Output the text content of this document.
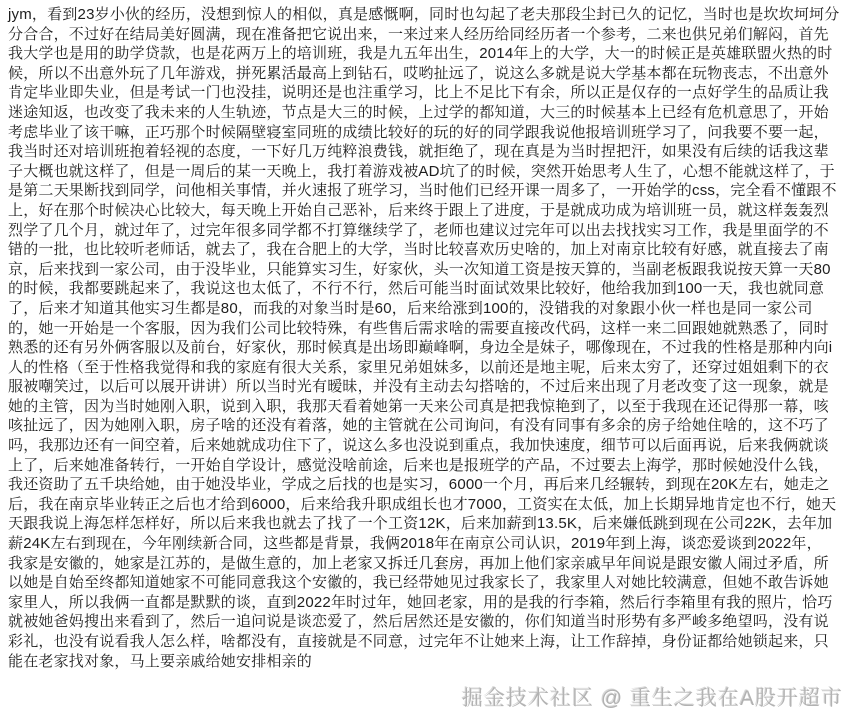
jym，看到23岁小伙的经历，没想到惊人的相似，真是感慨啊，同时也勾起了老夫那段尘封已久的记忆，当时也是坎坎坷坷分
分合合，不过好在结局美好圆满，现在准备把它说出来，一来过来人经历给同经历者一个参考，二来也供兄弟们解闷，首先
我大学也是用的助学贷款，也是花两万上的培训班，我是九五年出生，2014年上的大学，大一的时候正是英雄联盟火热的时
候，所以不出意外玩了几年游戏，拼死累活最高上到钻石，哎哟扯远了，说这么多就是说大学基本都在玩物丧志，不出意外
肯定毕业即失业，但是考试一门也没挂，说明还是也注重学习，比上不足比下有余，所以正是仅存的一点好学生的品质让我
迷途知返，也改变了我未来的人生轨迹，节点是大三的时候，上过学的都知道，大三的时候基本上已经有危机意思了，开始
考虑毕业了该干嘛，正巧那个时候隔壁寝室同班的成绩比较好的玩的好的同学跟我说他报培训班学习了，问我要不要一起，
我当时还对培训班抱着轻视的态度，一下好几万纯粹浪费钱，就拒绝了，现在真是为当时捏把汗，如果没有后续的话我这辈
子大概也就这样了，但是一周后的某一天晚上，我打着游戏被AD坑了的时候，突然开始思考人生了，心想不能就这样了，于
是第二天果断找到同学，问他相关事情，并火速报了班学习，当时他们已经开课一周多了，一开始学的css，完全看不懂跟不
上，好在那个时候决心比较大，每天晚上开始自己恶补，后来终于跟上了进度，于是就成功成为培训班一员，就这样轰轰烈
烈学了几个月，就过年了，过完年很多同学都不打算继续学了，老师也建议过完年可以出去找找实习工作，我是里面学的不
错的一批，也比较听老师话，就去了，我在合肥上的大学，当时比较喜欢历史啥的，加上对南京比较有好感，就直接去了南
京，后来找到一家公司，由于没毕业，只能算实习生，好家伙，头一次知道工资是按天算的，当副老板跟我说按天算一天80
的时候，我都要跳起来了，我说这也太低了，不行不行，然后可能当时面试效果比较好，他给我加到100一天，我也就同意
了，后来才知道其他实习生都是80，而我的对象当时是60，后来给涨到100的，没错我的对象跟小伙一样也是同一家公司
的，她一开始是一个客服，因为我们公司比较特殊，有些售后需求啥的需要直接改代码，这样一来二回跟她就熟悉了，同时
熟悉的还有另外俩客服以及前台，好家伙，那时候真是出场即巅峰啊，身边全是妹子，哪像现在，不过我的性格是那种内向i
人的性格（至于性格我觉得和我的家庭有很大关系，家里兄弟姐妹多，以前还是地主呢，后来太穷了，还穿过姐姐剩下的衣
服被嘲笑过，以后可以展开讲讲）所以当时光有暧昧，并没有主动去勾搭啥的，不过后来出现了月老改变了这一现象，就是
她的主管，因为当时她刚入职，说到入职，我那天看着她第一天来公司真是把我惊艳到了，以至于我现在还记得那一幕，咳
咳扯远了，因为她刚入职，房子啥的还没有着落，她的主管就在公司询问，有没有同事有多余的房子给她住啥的，这不巧了
吗，我那边还有一间空着，后来她就成功住下了，说这么多也没说到重点，我加快速度，细节可以后面再说，后来我俩就谈
上了，后来她准备转行，一开始自学设计，感觉没啥前途，后来也是报班学的产品，不过要去上海学，那时候她没什么钱，
我还资助了五千块给她，由于她没毕业，学成之后找的也是实习，6000一个月，再后来几经辗转，到现在20K左右，她走之
后，我在南京毕业转正之后也才给到6000，后来给我升职成组长也才7000，工资实在太低，加上长期异地肯定也不行，她天
天跟我说上海怎样怎样好，所以后来我也就去了找了一个工资12K，后来加薪到13.5K，后来嫌低跳到现在公司22K，去年加
薪24K左右到现在，今年刚续新合同，这些都是背景，我俩2018年在南京公司认识，2019年到上海，谈恋爱谈到2022年，
我家是安徽的，她家是江苏的，是做生意的，加上老家又拆迁几套房，再加上他们家亲戚早年间说是跟安徽人闹过矛盾，所
以她是自始至终都知道她家不可能同意我这个安徽的，我已经带她见过我家长了，我家里人对她比较满意，但她不敢告诉她
家里人，所以我俩一直都是默默的谈，直到2022年时过年，她回老家，用的是我的行李箱，然后行李箱里有我的照片，恰巧
就被她爸妈搜出来看到了，然后一追问说是谈恋爱了，然后居然还是安徽的，你们知道当时形势有多严峻多绝望吗，没有说
彩礼，也没有说看我人怎么样，啥都没有，直接就是不同意，过完年不让她来上海，让工作辞掉，身份证都给她锁起来，只
能在老家找对象，马上要亲戚给她安排相亲的
掘金技术社区 @ 重生之我在A股开超市
